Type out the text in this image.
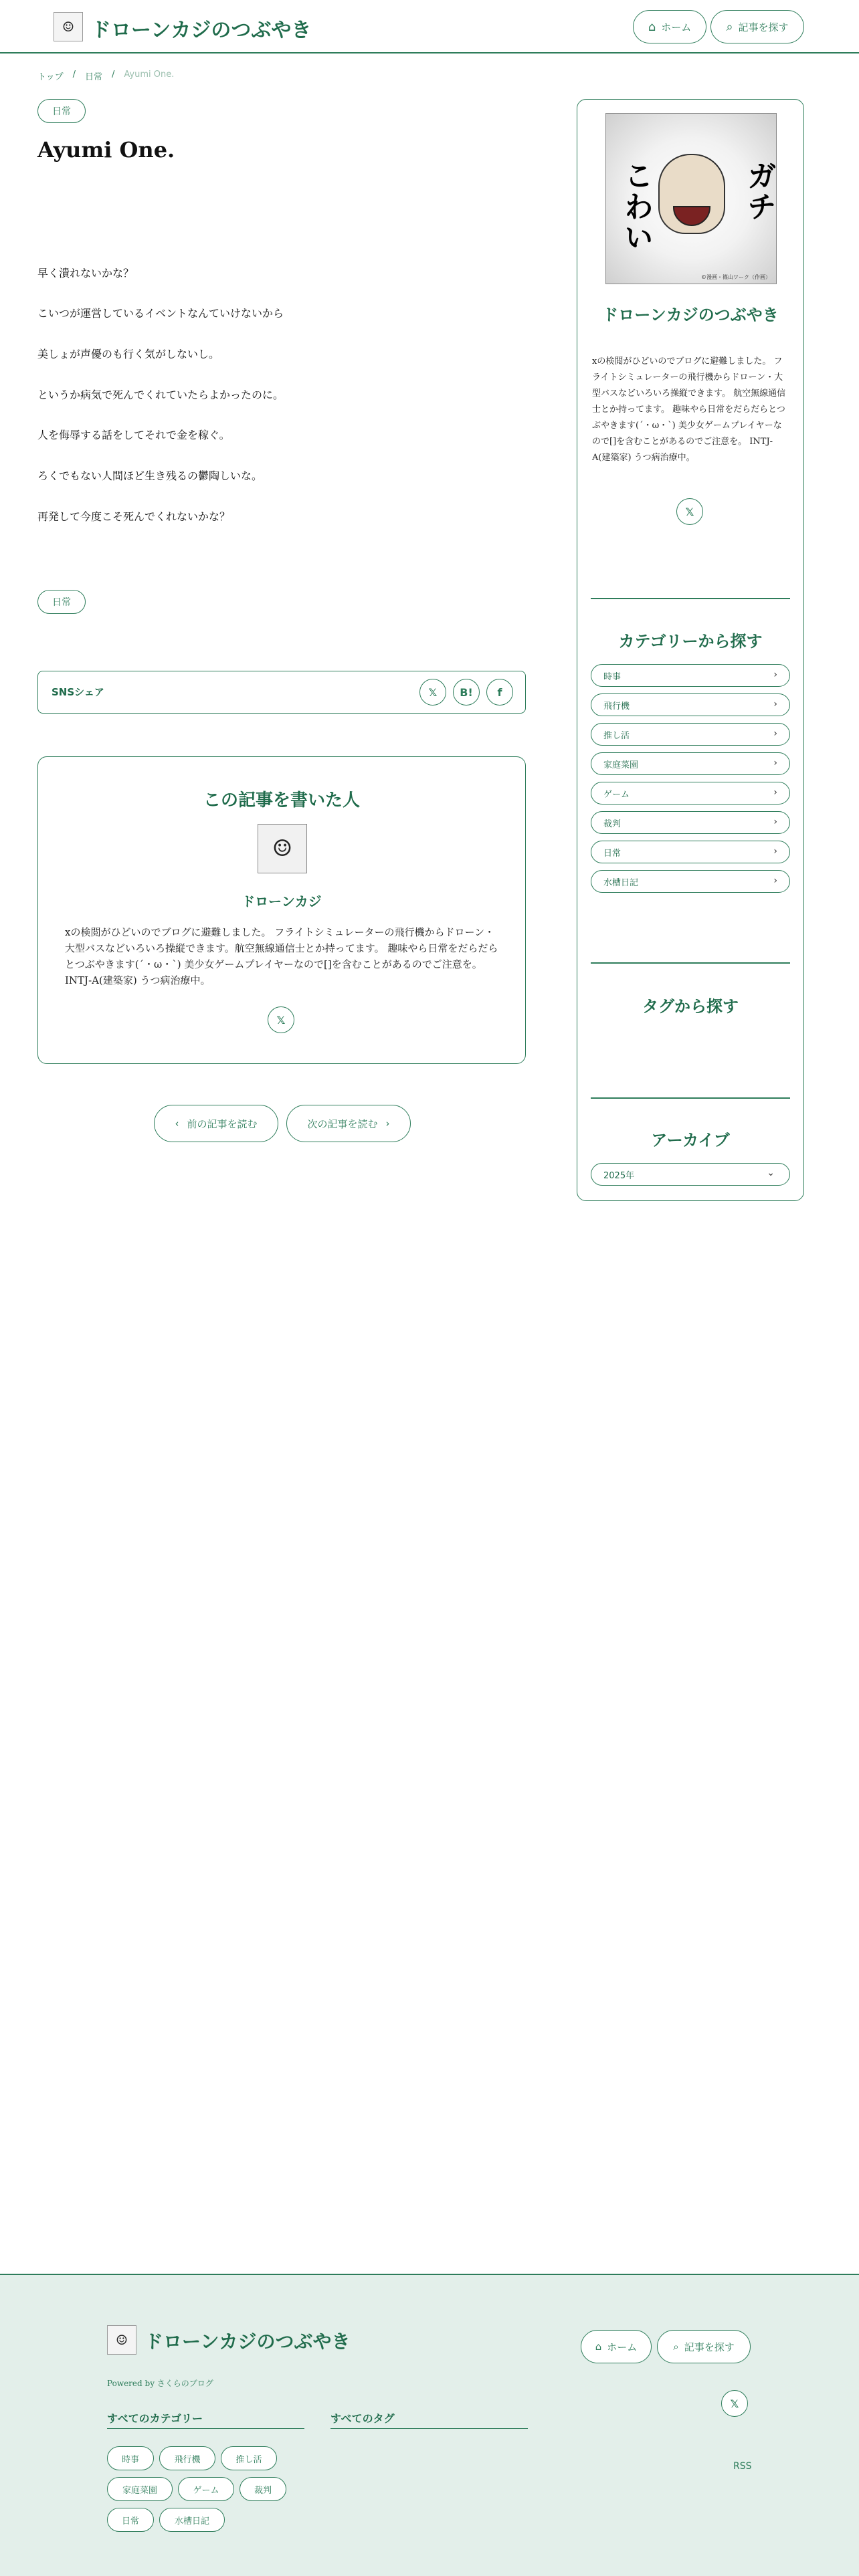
☺ ドローンカジのつぶやき	⌂ ホーム	⌕ 記事を探す
トップ / 日常 / Ayumi One.
日常
Ayumi One.
早く潰れないかな？
こいつが運営しているイベントなんていけないから
美しょが声優のも行く気がしないし。
というか病気で死んでくれていたらよかったのに。
人を侮辱する話をしてそれで金を稼ぐ。
ろくでもない人間ほど生き残るの鬱陶しいな。
再発して今度こそ死んでくれないかな？
日常
SNSシェア	𝕏 B! f
この記事を書いた人
☺
ドローンカジ
xの検閲がひどいのでブログに避難しました。 フライトシミュレーターの飛行機からドローン・大型バスなどいろいろ操縦できます。航空無線通信士とか持ってます。 趣味やら日常をだらだらとつぶやきます(´・ω・`) 美少女ゲームプレイヤーなので[]を含むことがあるのでご注意を。 INTJ-A(建築家) うつ病治療中。
𝕏
‹ 前の記事を読む	次の記事を読む ›
こわい	ガチ
©漫画・篠山ワーク（作画）
ドローンカジのつぶやき
xの検閲がひどいのでブログに避難しました。 フライトシミュレーターの飛行機からドローン・大型バスなどいろいろ操縦できます。 航空無線通信士とか持ってます。 趣味やら日常をだらだらとつぶやきます(´・ω・`) 美少女ゲームプレイヤーなので[]を含むことがあるのでご注意を。 INTJ-A(建築家) うつ病治療中。
𝕏
カテゴリーから探す
時事	›
飛行機	›
推し活	›
家庭菜園	›
ゲーム	›
裁判	›
日常	›
水槽日記	›
タグから探す
アーカイブ
2025年	⌄
☺ ドローンカジのつぶやき
Powered by さくらのブログ
すべてのカテゴリー	すべてのタグ
時事	飛行機	推し活
家庭菜園	ゲーム	裁判
日常	水槽日記
⌂ ホーム	⌕ 記事を探す
𝕏
RSS
